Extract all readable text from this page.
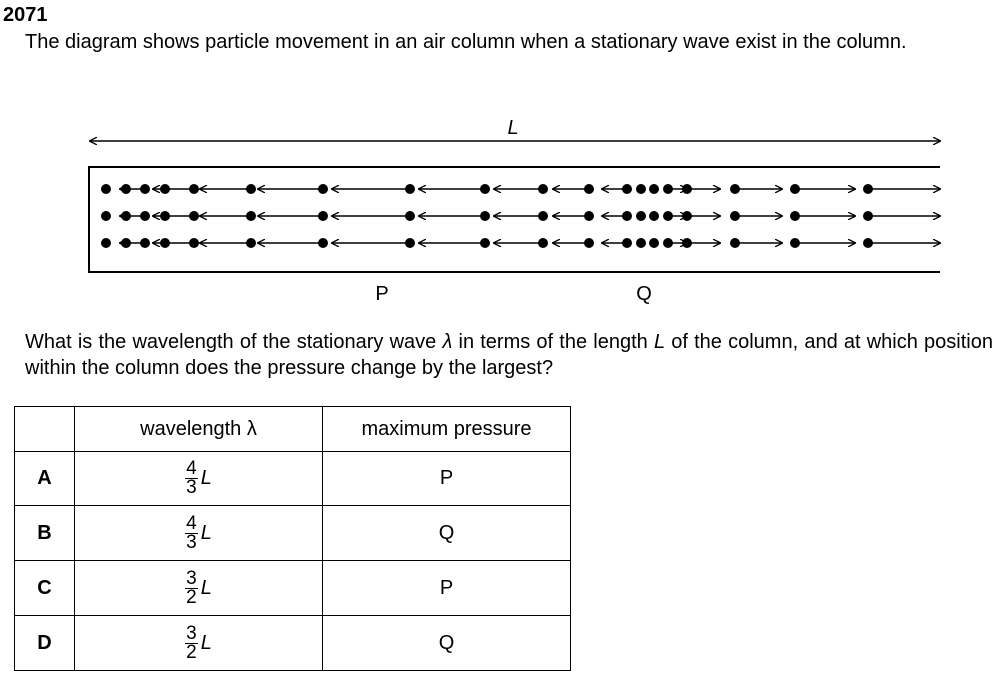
2071
The diagram shows particle movement in an air column when a stationary wave exist in the column.
L
P	Q
What is the wavelength of the stationary wave λ in terms of the length L of the column, and at which position within the column does the pressure change by the largest?
	wavelength λ	maximum pressure
A	$\frac{4}{3}$ L	P
B	$\frac{4}{3}$ L	Q
C	$\frac{3}{2}$ L	P
D	$\frac{3}{2}$ L	Q
